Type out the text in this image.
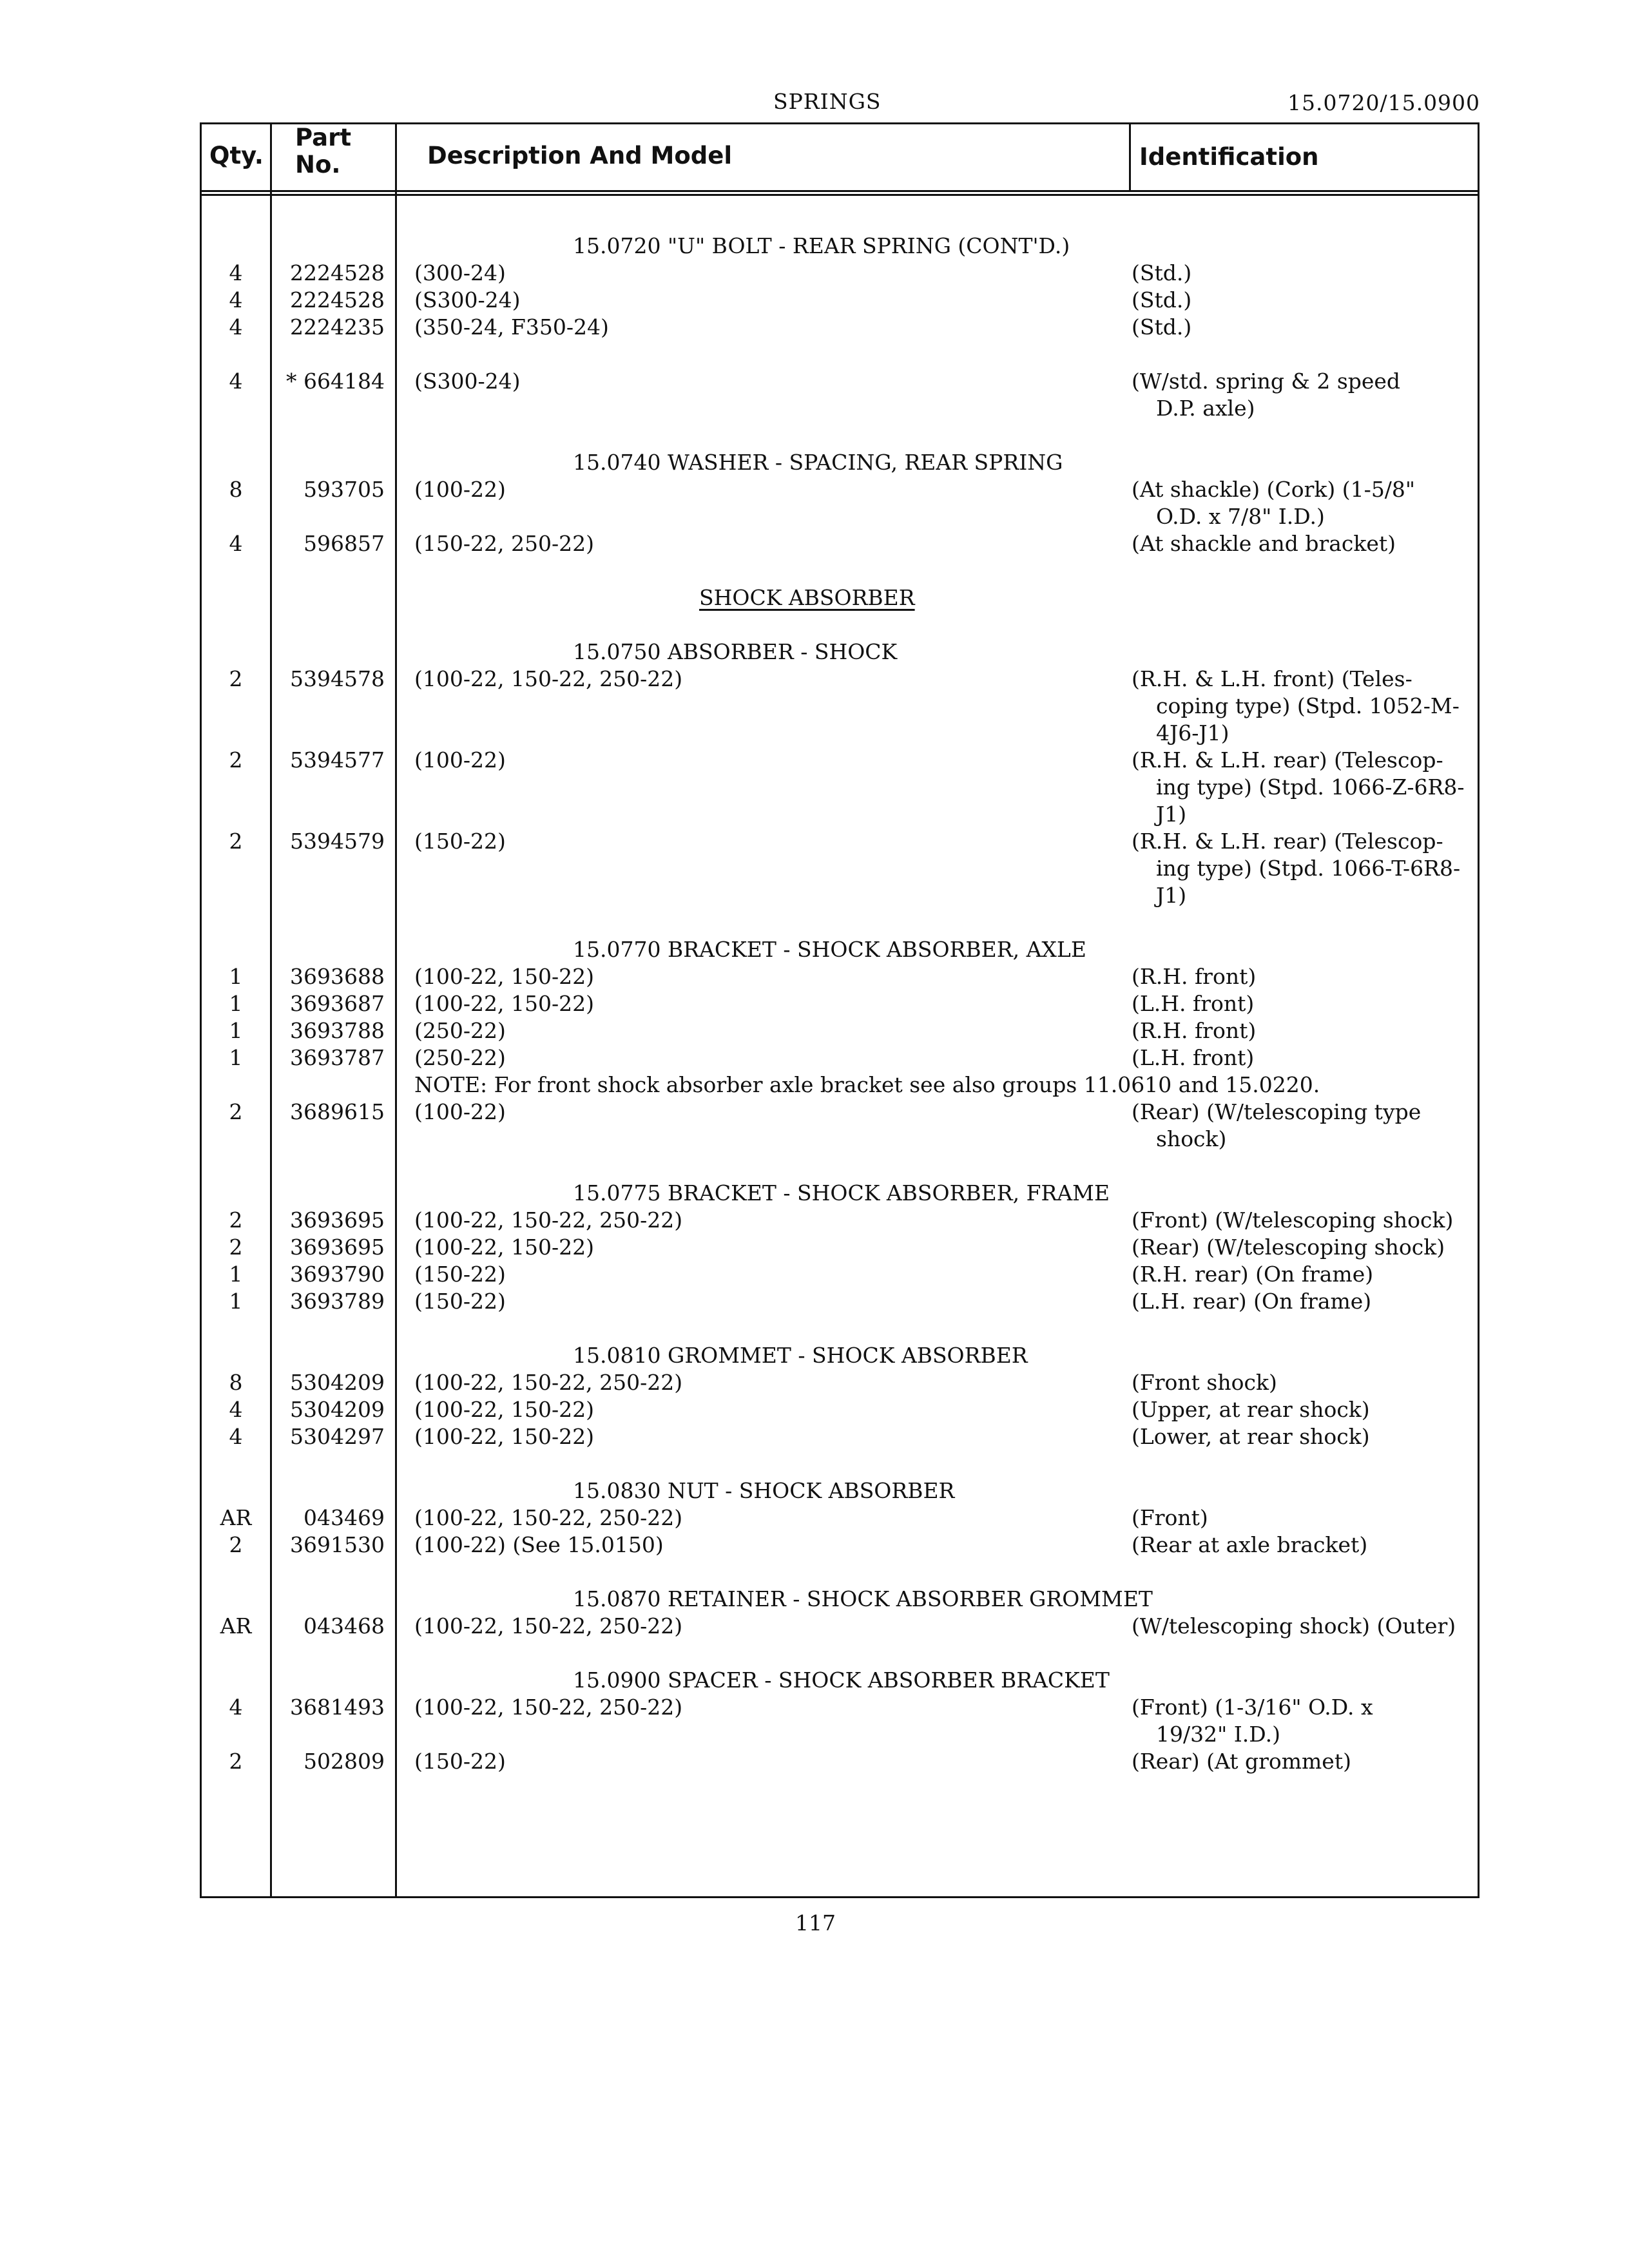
SPRINGS	15.0720/15.0900
Qty.
Part No.	Description And Model	Identification
15.0720 "U" BOLT - REAR SPRING (CONT'D.)
4	2224528 (300-24)	(Std.)
4	2224528 (S300-24)	(Std.)
4	2224235 (350-24, F350-24)	(Std.)
4	* 664184 (S300-24)	(W/std. spring & 2 speed
D.P. axle)
15.0740 WASHER - SPACING, REAR SPRING
8	593705 (100-22)	(At shackle) (Cork) (1-5/8"
O.D. x 7/8" I.D.)
4	596857 (150-22, 250-22)	(At shackle and bracket)
SHOCK ABSORBER
15.0750 ABSORBER - SHOCK
2	5394578 (100-22, 150-22, 250-22)	(R.H. & L.H. front) (Teles-
coping type) (Stpd. 1052-M-
4J6-J1)
2	5394577 (100-22)	(R.H. & L.H. rear) (Telescop-
ing type) (Stpd. 1066-Z-6R8-
J1)
2	5394579 (150-22)	(R.H. & L.H. rear) (Telescop-
ing type) (Stpd. 1066-T-6R8-
J1)
15.0770 BRACKET - SHOCK ABSORBER, AXLE
1	3693688 (100-22, 150-22)	(R.H. front)
1	3693687 (100-22, 150-22)	(L.H. front)
1	3693788 (250-22)	(R.H. front)
1	3693787 (250-22)	(L.H. front)
NOTE: For front shock absorber axle bracket see also groups 11.0610 and 15.0220.
2	3689615 (100-22)	(Rear) (W/telescoping type
shock)
15.0775 BRACKET - SHOCK ABSORBER, FRAME
2	3693695 (100-22, 150-22, 250-22)	(Front) (W/telescoping shock)
2	3693695 (100-22, 150-22)	(Rear) (W/telescoping shock)
1	3693790 (150-22)	(R.H. rear) (On frame)
1	3693789 (150-22)	(L.H. rear) (On frame)
15.0810 GROMMET - SHOCK ABSORBER
8	5304209 (100-22, 150-22, 250-22)	(Front shock)
4	5304209 (100-22, 150-22)	(Upper, at rear shock)
4	5304297 (100-22, 150-22)	(Lower, at rear shock)
15.0830 NUT - SHOCK ABSORBER
AR	043469 (100-22, 150-22, 250-22)	(Front)
2	3691530 (100-22) (See 15.0150)	(Rear at axle bracket)
15.0870 RETAINER - SHOCK ABSORBER GROMMET
AR	043468 (100-22, 150-22, 250-22)	(W/telescoping shock) (Outer)
15.0900 SPACER - SHOCK ABSORBER BRACKET
4	3681493 (100-22, 150-22, 250-22)	(Front) (1-3/16" O.D. x
19/32" I.D.)
2	502809 (150-22)	(Rear) (At grommet)
117
